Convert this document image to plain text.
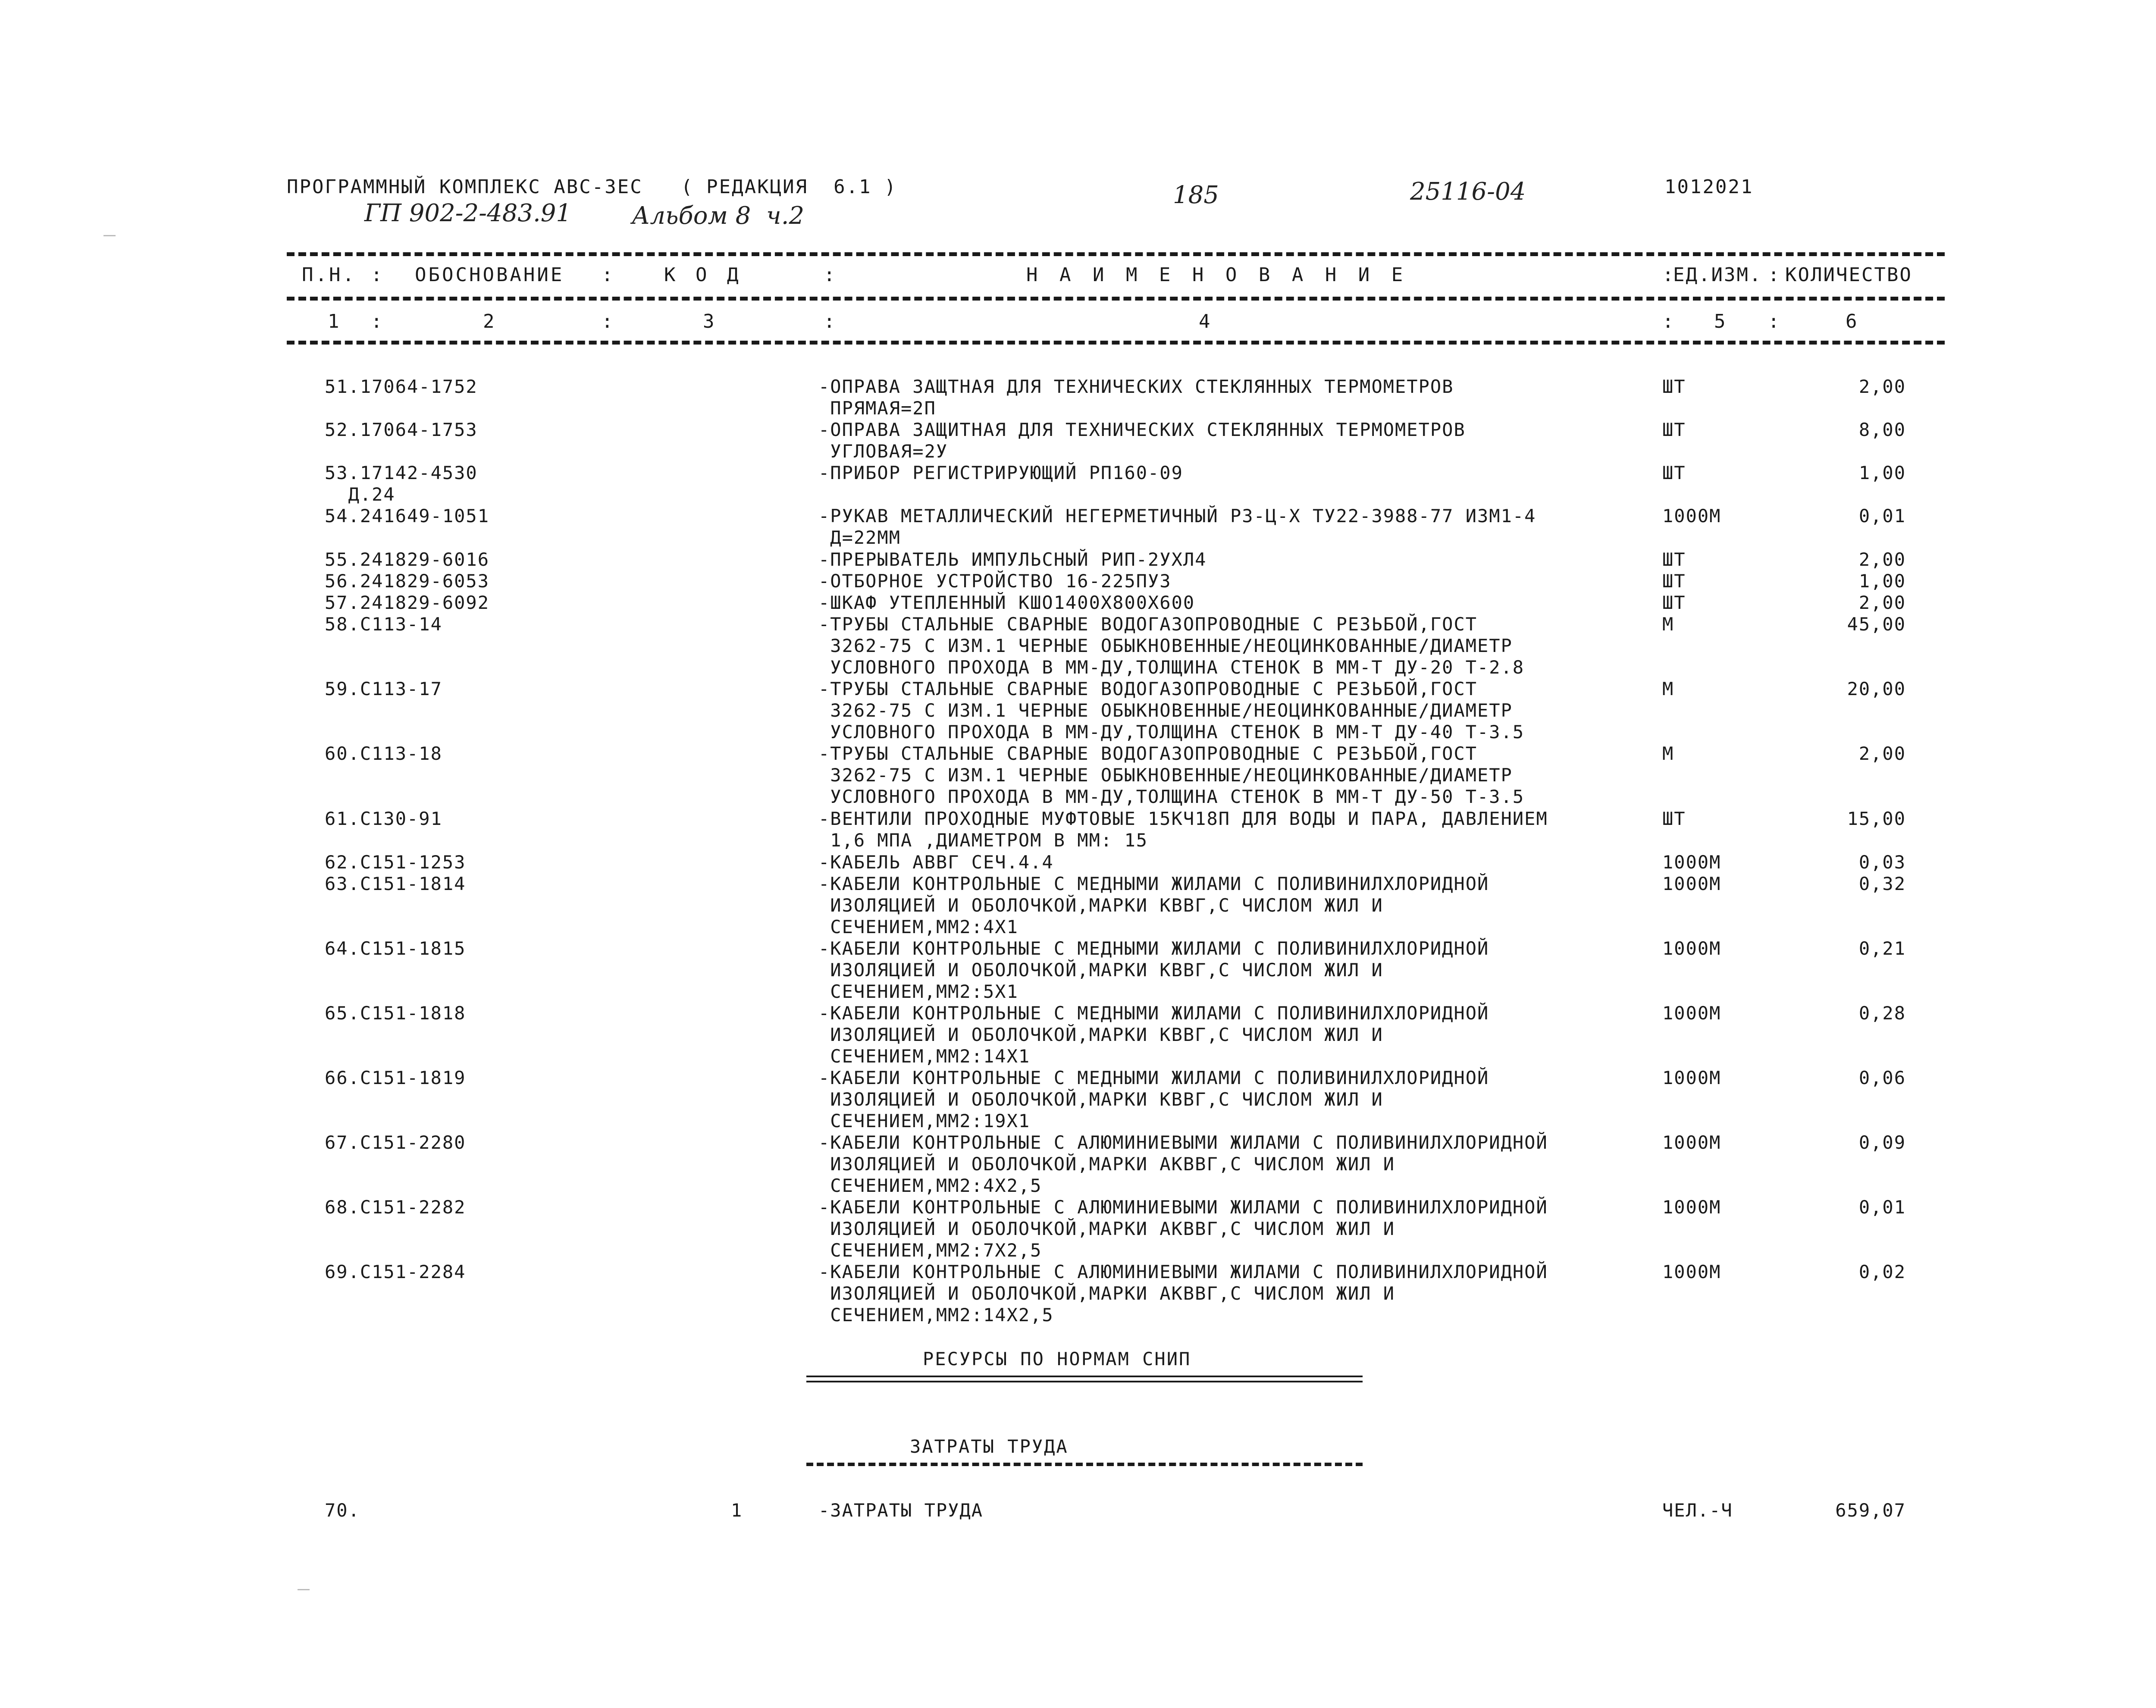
ПРОГРАММНЫЙ КОМПЛЕКС АВС-3ЕС   ( РЕДАКЦИЯ  6.1 )
ГП 902-2-483.91 Альбом 8  ч.2
185	25116-04	1012021
П.Н. : ОБОСНОВАНИЕ :	К О Д	:	Н А И М Е Н О В А Н И Е	:
ЕД.ИЗМ. : КОЛИЧЕСТВО
1 :	2	:	3	:	4	: 5 :	6
51.17064-1752	-ОПРАВА ЗАЩТНАЯ ДЛЯ ТЕХНИЧЕСКИХ СТЕКЛЯННЫХ ТЕРМОМЕТРОВ
ПРЯМАЯ=2П
ШТ	2,00
52.17064-1753	-ОПРАВА ЗАЩИТНАЯ ДЛЯ ТЕХНИЧЕСКИХ СТЕКЛЯННЫХ ТЕРМОМЕТРОВ
УГЛОВАЯ=2У
ШТ	8,00
53.17142-4530
Д.24
-ПРИБОР РЕГИСТРИРУЮЩИЙ РП160-09	ШТ	1,00
54.241649-1051	-РУКАВ МЕТАЛЛИЧЕСКИЙ НЕГЕРМЕТИЧНЫЙ Р3-Ц-Х ТУ22-3988-77 ИЗМ1-4
Д=22ММ
1000М	0,01
55.241829-6016	-ПРЕРЫВАТЕЛЬ ИМПУЛЬСНЫЙ РИП-2УХЛ4	ШТ	2,00
56.241829-6053	-ОТБОРНОЕ УСТРОЙСТВО 16-225ПУ3	ШТ	1,00
57.241829-6092	-ШКАФ УТЕПЛЕННЫЙ КШО1400Х800Х600	ШТ	2,00
58.С113-14	-ТРУБЫ СТАЛЬНЫЕ СВАРНЫЕ ВОДОГАЗОПРОВОДНЫЕ С РЕЗЬБОЙ,ГОСТ
3262-75 С ИЗМ.1 ЧЕРНЫЕ ОБЫКНОВЕННЫЕ/НЕОЦИНКОВАННЫЕ/ДИАМЕТР
УСЛОВНОГО ПРОХОДА В ММ-ДУ,ТОЛЩИНА СТЕНОК В ММ-Т ДУ-20 Т-2.8
М	45,00
59.С113-17	-ТРУБЫ СТАЛЬНЫЕ СВАРНЫЕ ВОДОГАЗОПРОВОДНЫЕ С РЕЗЬБОЙ,ГОСТ
3262-75 С ИЗМ.1 ЧЕРНЫЕ ОБЫКНОВЕННЫЕ/НЕОЦИНКОВАННЫЕ/ДИАМЕТР
УСЛОВНОГО ПРОХОДА В ММ-ДУ,ТОЛЩИНА СТЕНОК В ММ-Т ДУ-40 Т-3.5
М	20,00
60.С113-18	-ТРУБЫ СТАЛЬНЫЕ СВАРНЫЕ ВОДОГАЗОПРОВОДНЫЕ С РЕЗЬБОЙ,ГОСТ
3262-75 С ИЗМ.1 ЧЕРНЫЕ ОБЫКНОВЕННЫЕ/НЕОЦИНКОВАННЫЕ/ДИАМЕТР
УСЛОВНОГО ПРОХОДА В ММ-ДУ,ТОЛЩИНА СТЕНОК В ММ-Т ДУ-50 Т-3.5
М	2,00
61.С130-91	-ВЕНТИЛИ ПРОХОДНЫЕ МУФТОВЫЕ 15КЧ18П ДЛЯ ВОДЫ И ПАРА, ДАВЛЕНИЕМ
1,6 МПА ,ДИАМЕТРОМ В ММ: 15
ШТ	15,00
62.С151-1253	-КАБЕЛЬ АВВГ СЕЧ.4.4	1000М	0,03
63.С151-1814	-КАБЕЛИ КОНТРОЛЬНЫЕ С МЕДНЫМИ ЖИЛАМИ С ПОЛИВИНИЛХЛОРИДНОЙ
ИЗОЛЯЦИЕЙ И ОБОЛОЧКОЙ,МАРКИ КВВГ,С ЧИСЛОМ ЖИЛ И
СЕЧЕНИЕМ,ММ2:4Х1
1000М	0,32
64.С151-1815	-КАБЕЛИ КОНТРОЛЬНЫЕ С МЕДНЫМИ ЖИЛАМИ С ПОЛИВИНИЛХЛОРИДНОЙ
ИЗОЛЯЦИЕЙ И ОБОЛОЧКОЙ,МАРКИ КВВГ,С ЧИСЛОМ ЖИЛ И
СЕЧЕНИЕМ,ММ2:5Х1
1000М	0,21
65.С151-1818	-КАБЕЛИ КОНТРОЛЬНЫЕ С МЕДНЫМИ ЖИЛАМИ С ПОЛИВИНИЛХЛОРИДНОЙ
ИЗОЛЯЦИЕЙ И ОБОЛОЧКОЙ,МАРКИ КВВГ,С ЧИСЛОМ ЖИЛ И
СЕЧЕНИЕМ,ММ2:14Х1
1000М	0,28
66.С151-1819	-КАБЕЛИ КОНТРОЛЬНЫЕ С МЕДНЫМИ ЖИЛАМИ С ПОЛИВИНИЛХЛОРИДНОЙ
ИЗОЛЯЦИЕЙ И ОБОЛОЧКОЙ,МАРКИ КВВГ,С ЧИСЛОМ ЖИЛ И
СЕЧЕНИЕМ,ММ2:19Х1
1000М	0,06
67.С151-2280	-КАБЕЛИ КОНТРОЛЬНЫЕ С АЛЮМИНИЕВЫМИ ЖИЛАМИ С ПОЛИВИНИЛХЛОРИДНОЙ
ИЗОЛЯЦИЕЙ И ОБОЛОЧКОЙ,МАРКИ АКВВГ,С ЧИСЛОМ ЖИЛ И
СЕЧЕНИЕМ,ММ2:4Х2,5
1000М	0,09
68.С151-2282	-КАБЕЛИ КОНТРОЛЬНЫЕ С АЛЮМИНИЕВЫМИ ЖИЛАМИ С ПОЛИВИНИЛХЛОРИДНОЙ
ИЗОЛЯЦИЕЙ И ОБОЛОЧКОЙ,МАРКИ АКВВГ,С ЧИСЛОМ ЖИЛ И
СЕЧЕНИЕМ,ММ2:7Х2,5
1000М	0,01
69.С151-2284	-КАБЕЛИ КОНТРОЛЬНЫЕ С АЛЮМИНИЕВЫМИ ЖИЛАМИ С ПОЛИВИНИЛХЛОРИДНОЙ
ИЗОЛЯЦИЕЙ И ОБОЛОЧКОЙ,МАРКИ АКВВГ,С ЧИСЛОМ ЖИЛ И
СЕЧЕНИЕМ,ММ2:14Х2,5
1000М	0,02
РЕСУРСЫ ПО НОРМАМ СНИП
ЗАТРАТЫ ТРУДА
70.	1	-ЗАТРАТЫ ТРУДА	ЧЕЛ.-Ч	659,07
